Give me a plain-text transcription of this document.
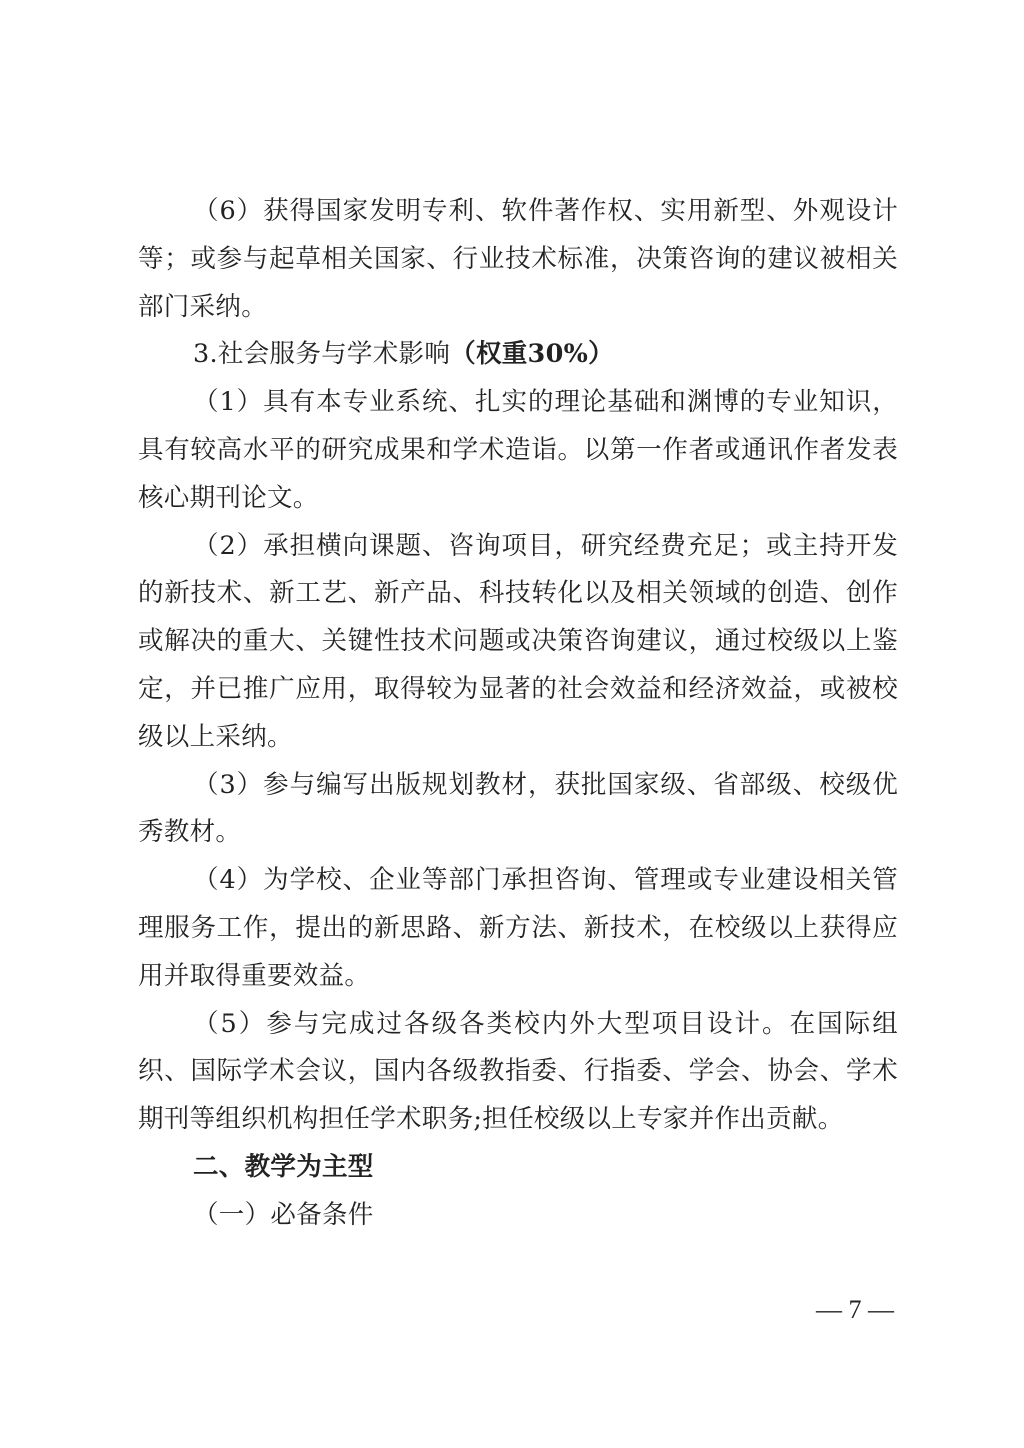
（6）获得国家发明专利、软件著作权、实用新型、外观设计等；或参与起草相关国家、行业技术标准，决策咨询的建议被相关部门采纳。

3.社会服务与学术影响（权重30%）

（1）具有本专业系统、扎实的理论基础和渊博的专业知识，具有较高水平的研究成果和学术造诣。以第一作者或通讯作者发表核心期刊论文。

（2）承担横向课题、咨询项目，研究经费充足；或主持开发的新技术、新工艺、新产品、科技转化以及相关领域的创造、创作或解决的重大、关键性技术问题或决策咨询建议，通过校级以上鉴定，并已推广应用，取得较为显著的社会效益和经济效益，或被校级以上采纳。

（3）参与编写出版规划教材，获批国家级、省部级、校级优秀教材。

（4）为学校、企业等部门承担咨询、管理或专业建设相关管理服务工作，提出的新思路、新方法、新技术，在校级以上获得应用并取得重要效益。

（5）参与完成过各级各类校内外大型项目设计。在国际组织、国际学术会议，国内各级教指委、行指委、学会、协会、学术期刊等组织机构担任学术职务;担任校级以上专家并作出贡献。

二、教学为主型

（一）必备条件

— 7 —
